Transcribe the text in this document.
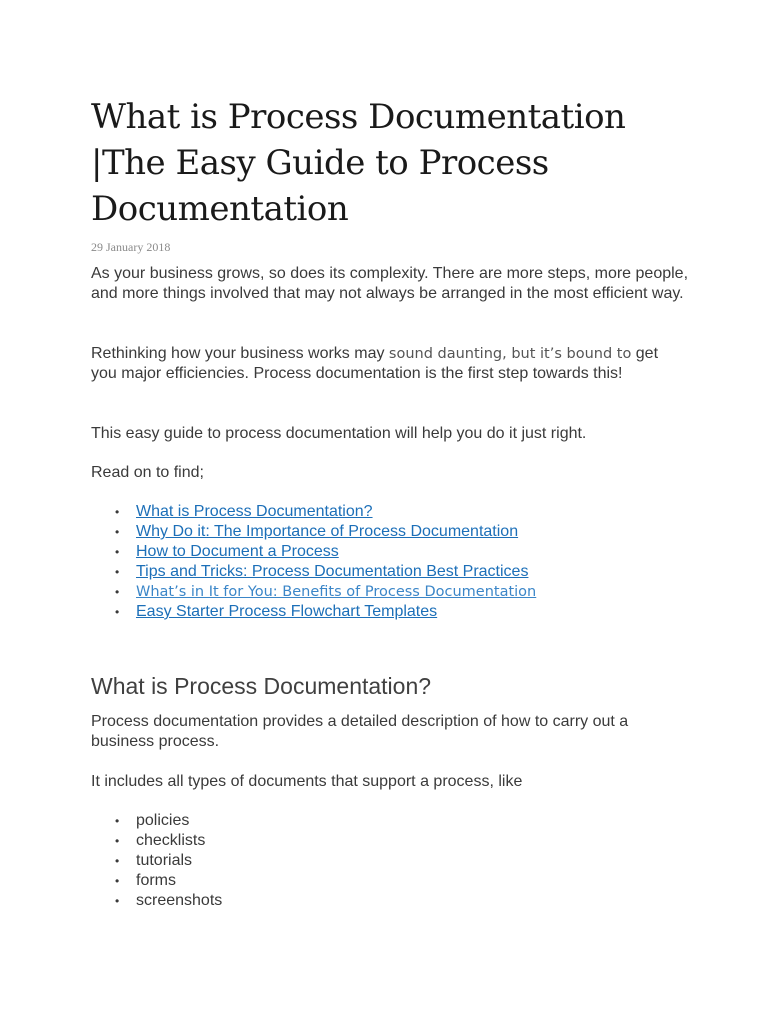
What is Process Documentation
|The Easy Guide to Process
Documentation
29 January 2018

As your business grows, so does its complexity. There are more steps, more people, and more things involved that may not always be arranged in the most efficient way.

Rethinking how your business works may sound daunting, but it’s bound to get you major efficiencies. Process documentation is the first step towards this!

This easy guide to process documentation will help you do it just right.

Read on to find;

• What is Process Documentation?
• Why Do it: The Importance of Process Documentation
• How to Document a Process
• Tips and Tricks: Process Documentation Best Practices
• What’s in It for You: Benefits of Process Documentation
• Easy Starter Process Flowchart Templates
What is Process Documentation?

Process documentation provides a detailed description of how to carry out a business process.

It includes all types of documents that support a process, like

• policies
• checklists
• tutorials
• forms
• screenshots
